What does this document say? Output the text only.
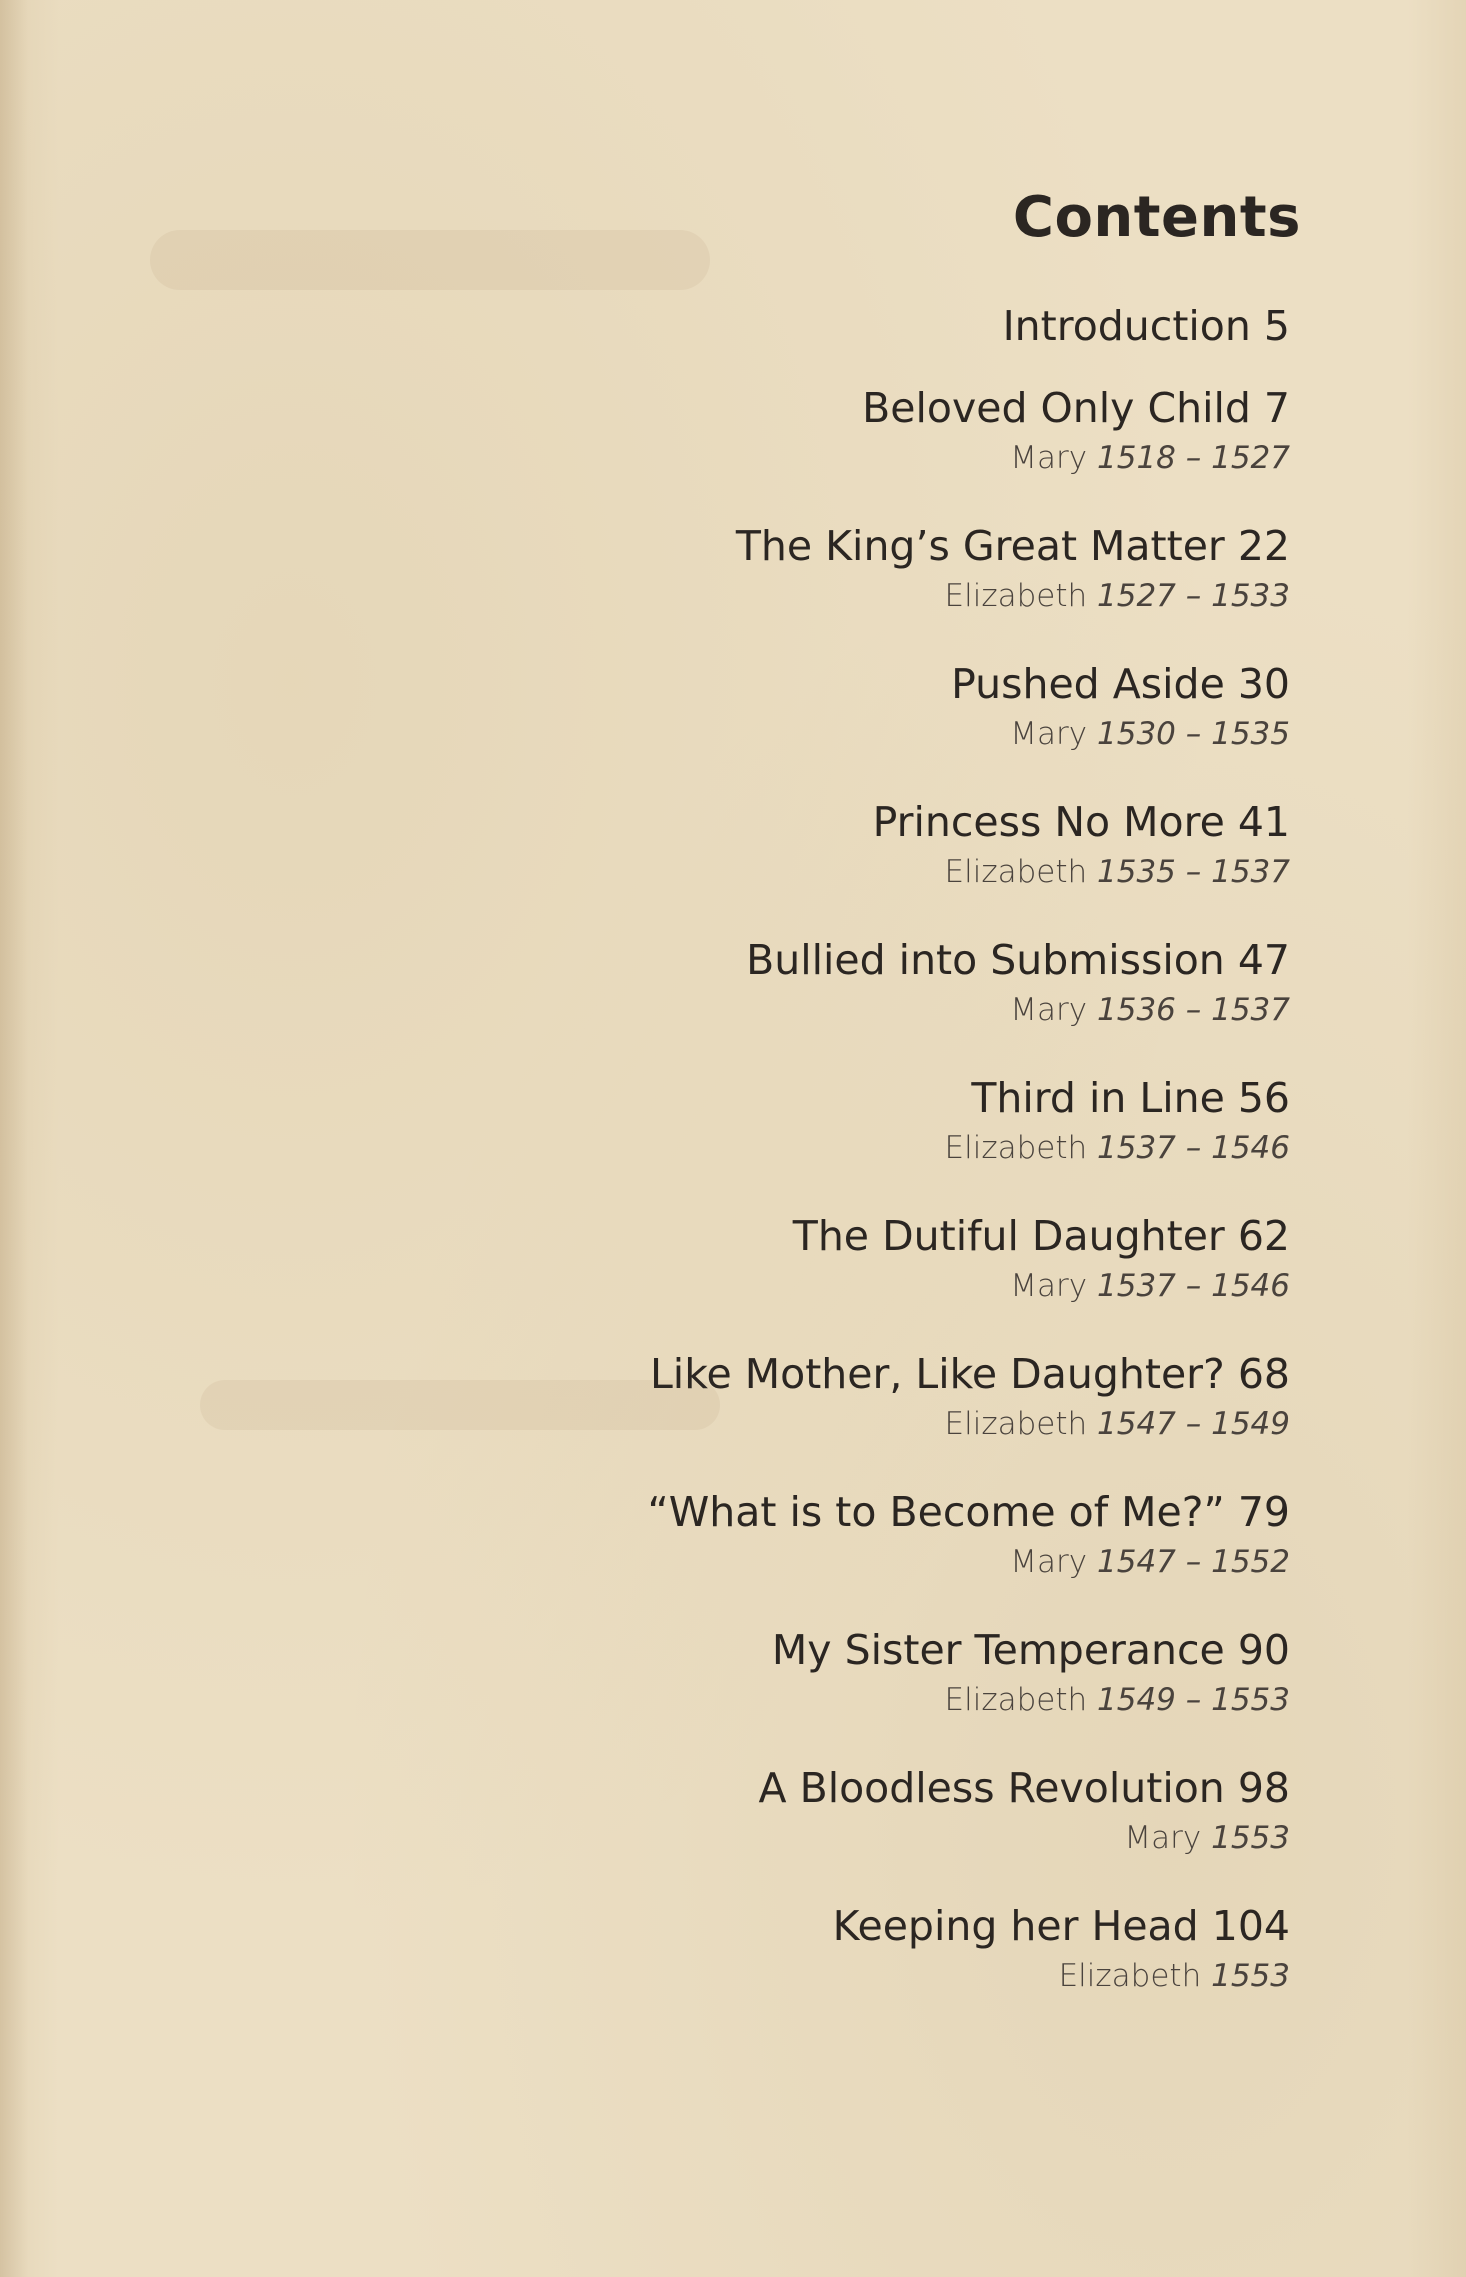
Contents
Introduction 5
Beloved Only Child 7
Mary 1518 – 1527
The King’s Great Matter 22
Elizabeth 1527 – 1533
Pushed Aside 30
Mary 1530 – 1535
Princess No More 41
Elizabeth 1535 – 1537
Bullied into Submission 47
Mary 1536 – 1537
Third in Line 56
Elizabeth 1537 – 1546
The Dutiful Daughter 62
Mary 1537 – 1546
Like Mother, Like Daughter? 68
Elizabeth 1547 – 1549
“What is to Become of Me?” 79
Mary 1547 – 1552
My Sister Temperance 90
Elizabeth 1549 – 1553
A Bloodless Revolution 98
Mary 1553
Keeping her Head 104
Elizabeth 1553
